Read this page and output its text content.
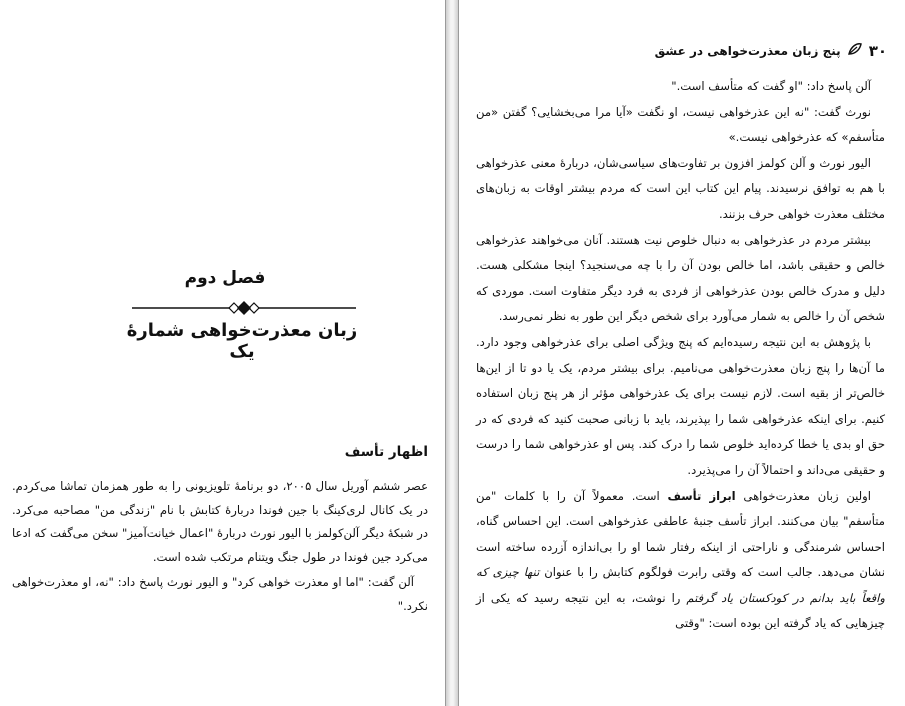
فصل دوم
زبان معذرت‌خواهی شمارهٔ یک
اظهار تأسف

عصر ششم آوریل سال ۲۰۰۵، دو برنامهٔ تلویزیونی را به طور همزمان تماشا می‌کردم. در یک کانال لری‌کینگ با جین فوندا دربارهٔ کتابش با نام "زندگی من" مصاحبه می‌کرد. در شبکهٔ دیگر آلن‌کولمز با الیور نورث دربارهٔ "اعمال خیانت‌آمیز" سخن می‌گفت که ادعا می‌کرد جین فوندا در طول جنگ ویتنام مرتکب شده است.

آلن گفت: "اما او معذرت خواهی کرد" و الیور نورث پاسخ داد: "نه، او معذرت‌خواهی نکرد."

۳۰
پنج زبان معذرت‌خواهی در عشق

آلن پاسخ داد: "او گفت که متأسف است."

نورث گفت: "نه این عذرخواهی نیست، او نگفت «آیا مرا می‌بخشایی؟ گفتن «من متأسفم» که عذرخواهی نیست.»

الیور نورث و آلن کولمز افزون بر تفاوت‌های سیاسی‌شان، دربارهٔ معنی عذرخواهی با هم به توافق نرسیدند. پیام این کتاب این است که مردم بیشتر اوقات به زبان‌های مختلف معذرت خواهی حرف بزنند.

بیشتر مردم در عذرخواهی به دنبال خلوص نیت هستند. آنان می‌خواهند عذرخواهی خالص و حقیقی باشد، اما خالص بودن آن را با چه می‌سنجید؟ اینجا مشکلی هست. دلیل و مدرک خالص بودن عذرخواهی از فردی به فرد دیگر متفاوت است. موردی که شخص آن را خالص به شمار می‌آورد برای شخص دیگر این طور به نظر نمی‌رسد.

با پژوهش به این نتیجه رسیده‌ایم که پنج ویژگی اصلی برای عذرخواهی وجود دارد. ما آن‌ها را پنج زبان معذرت‌خواهی می‌نامیم. برای بیشتر مردم، یک یا دو تا از این‌ها خالص‌تر از بقیه است. لازم نیست برای یک عذرخواهی مؤثر از هر پنج زبان استفاده کنیم. برای اینکه عذرخواهی شما را بپذیرند، باید با زبانی صحبت کنید که فردی که در حق او بدی یا خطا کرده‌اید خلوص شما را درک کند. پس او عذرخواهی شما را درست و حقیقی می‌داند و احتمالاً آن را می‌پذیرد.

اولین زبان معذرت‌خواهی ابراز تأسف است. معمولاً آن را با کلمات "من متأسفم" بیان می‌کنند. ابراز تأسف جنبهٔ عاطفی عذرخواهی است. این احساس گناه، احساس شرمندگی و ناراحتی از اینکه رفتار شما او را بی‌اندازه آزرده ساخته است نشان می‌دهد. جالب است که وقتی رابرت فولگوم کتابش را با عنوان تنها چیزی که واقعاً باید بدانم در کودکستان یاد گرفتم را نوشت، به این نتیجه رسید که یکی از چیزهایی که یاد گرفته این بوده است: "وقتی
